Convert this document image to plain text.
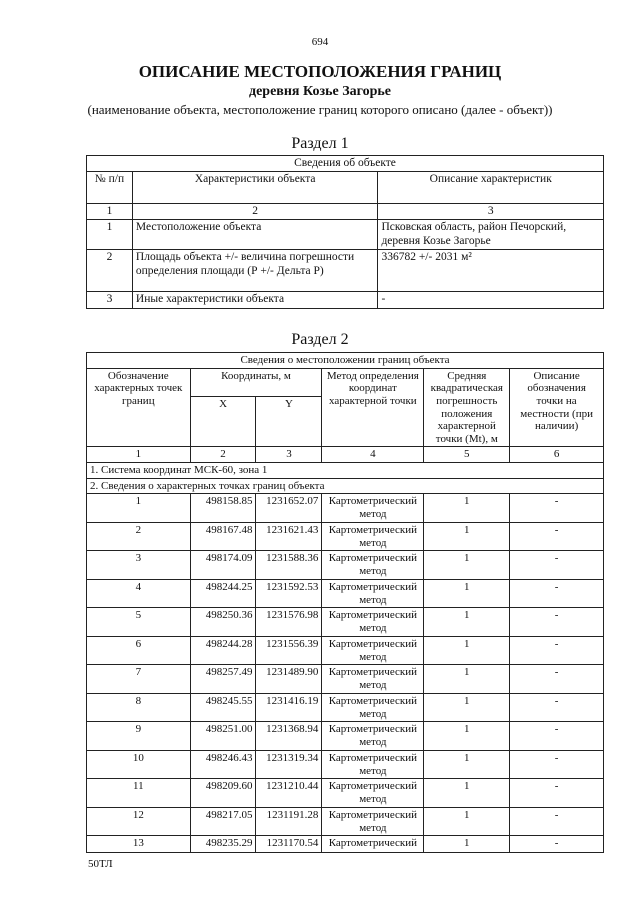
694
ОПИСАНИЕ МЕСТОПОЛОЖЕНИЯ ГРАНИЦ
деревня Козье Загорье
(наименование объекта, местоположение границ которого описано (далее - объект))
Раздел 1
Сведения об объекте		
№ п/п	Характеристики объекта	Описание характеристик
1	2	3
1	Местоположение объекта	Псковская область, район Печорский, деревня Козье Загорье
2	Площадь объекта +/- величина погрешности определения площади (Р +/- Дельта Р)	336782 +/- 2031 м²
3	Иные характеристики объекта	-
Раздел 2
Сведения о местоположении границ объекта					
Обозначение характерных точек границ	Координаты, м		Метод определения координат характерной точки	Средняя квадратическая погрешность положения характерной точки (Mt), м	Описание обозначения точки на местности (при наличии)
	X	Y			
1	2	3	4	5	6
1. Система координат МСК-60, зона 1					
2. Сведения о характерных точках границ объекта					
1	498158.85	1231652.07	Картометрический метод	1	-
2	498167.48	1231621.43	Картометрический метод	1	-
3	498174.09	1231588.36	Картометрический метод	1	-
4	498244.25	1231592.53	Картометрический метод	1	-
5	498250.36	1231576.98	Картометрический метод	1	-
6	498244.28	1231556.39	Картометрический метод	1	-
7	498257.49	1231489.90	Картометрический метод	1	-
8	498245.55	1231416.19	Картометрический метод	1	-
9	498251.00	1231368.94	Картометрический метод	1	-
10	498246.43	1231319.34	Картометрический метод	1	-
11	498209.60	1231210.44	Картометрический метод	1	-
12	498217.05	1231191.28	Картометрический метод	1	-
13	498235.29	1231170.54	Картометрический	1	-
50ТЛ
